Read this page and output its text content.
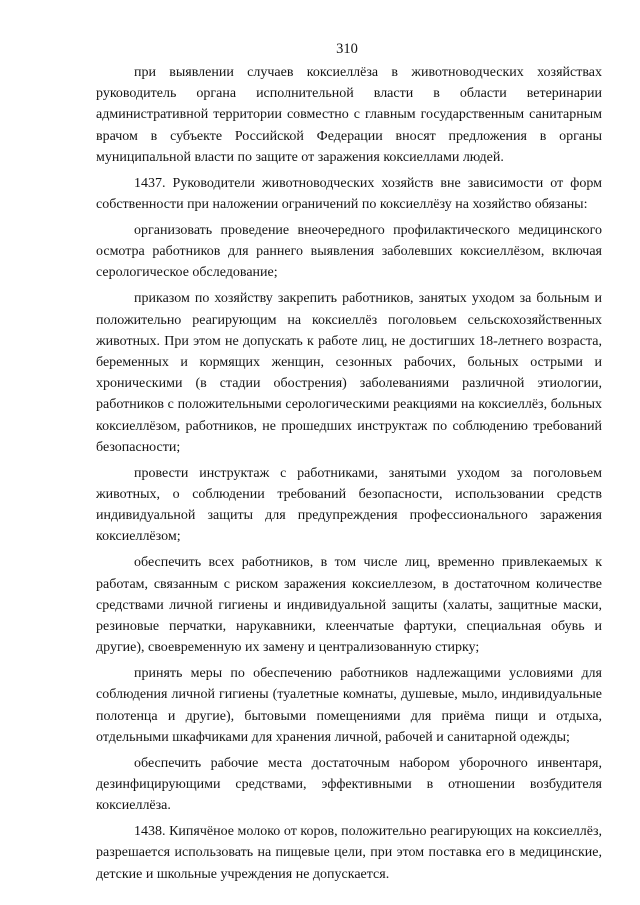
310

при выявлении случаев коксиеллёза в животноводческих хозяйствах руководитель органа исполнительной власти в области ветеринарии административной территории совместно с главным государственным санитарным врачом в субъекте Российской Федерации вносят предложения в органы муниципальной власти по защите от заражения коксиеллами людей.

1437. Руководители животноводческих хозяйств вне зависимости от форм собственности при наложении ограничений по коксиеллёзу на хозяйство обязаны:

организовать проведение внеочередного профилактического медицинского осмотра работников для раннего выявления заболевших коксиеллёзом, включая серологическое обследование;

приказом по хозяйству закрепить работников, занятых уходом за больным и положительно реагирующим на коксиеллёз поголовьем сельскохозяйственных животных. При этом не допускать к работе лиц, не достигших 18-летнего возраста, беременных и кормящих женщин, сезонных рабочих, больных острыми и хроническими (в стадии обострения) заболеваниями различной этиологии, работников с положительными серологическими реакциями на коксиеллёз, больных коксиеллёзом, работников, не прошедших инструктаж по соблюдению требований безопасности;

провести инструктаж с работниками, занятыми уходом за поголовьем животных, о соблюдении требований безопасности, использовании средств индивидуальной защиты для предупреждения профессионального заражения коксиеллёзом;

обеспечить всех работников, в том числе лиц, временно привлекаемых к работам, связанным с риском заражения коксиеллезом, в достаточном количестве средствами личной гигиены и индивидуальной защиты (халаты, защитные маски, резиновые перчатки, нарукавники, клеенчатые фартуки, специальная обувь и другие), своевременную их замену и централизованную стирку;

принять меры по обеспечению работников надлежащими условиями для соблюдения личной гигиены (туалетные комнаты, душевые, мыло, индивидуальные полотенца и другие), бытовыми помещениями для приёма пищи и отдыха, отдельными шкафчиками для хранения личной, рабочей и санитарной одежды;

обеспечить рабочие места достаточным набором уборочного инвентаря, дезинфицирующими средствами, эффективными в отношении возбудителя коксиеллёза.

1438. Кипячёное молоко от коров, положительно реагирующих на коксиеллёз, разрешается использовать на пищевые цели, при этом поставка его в медицинские, детские и школьные учреждения не допускается.
